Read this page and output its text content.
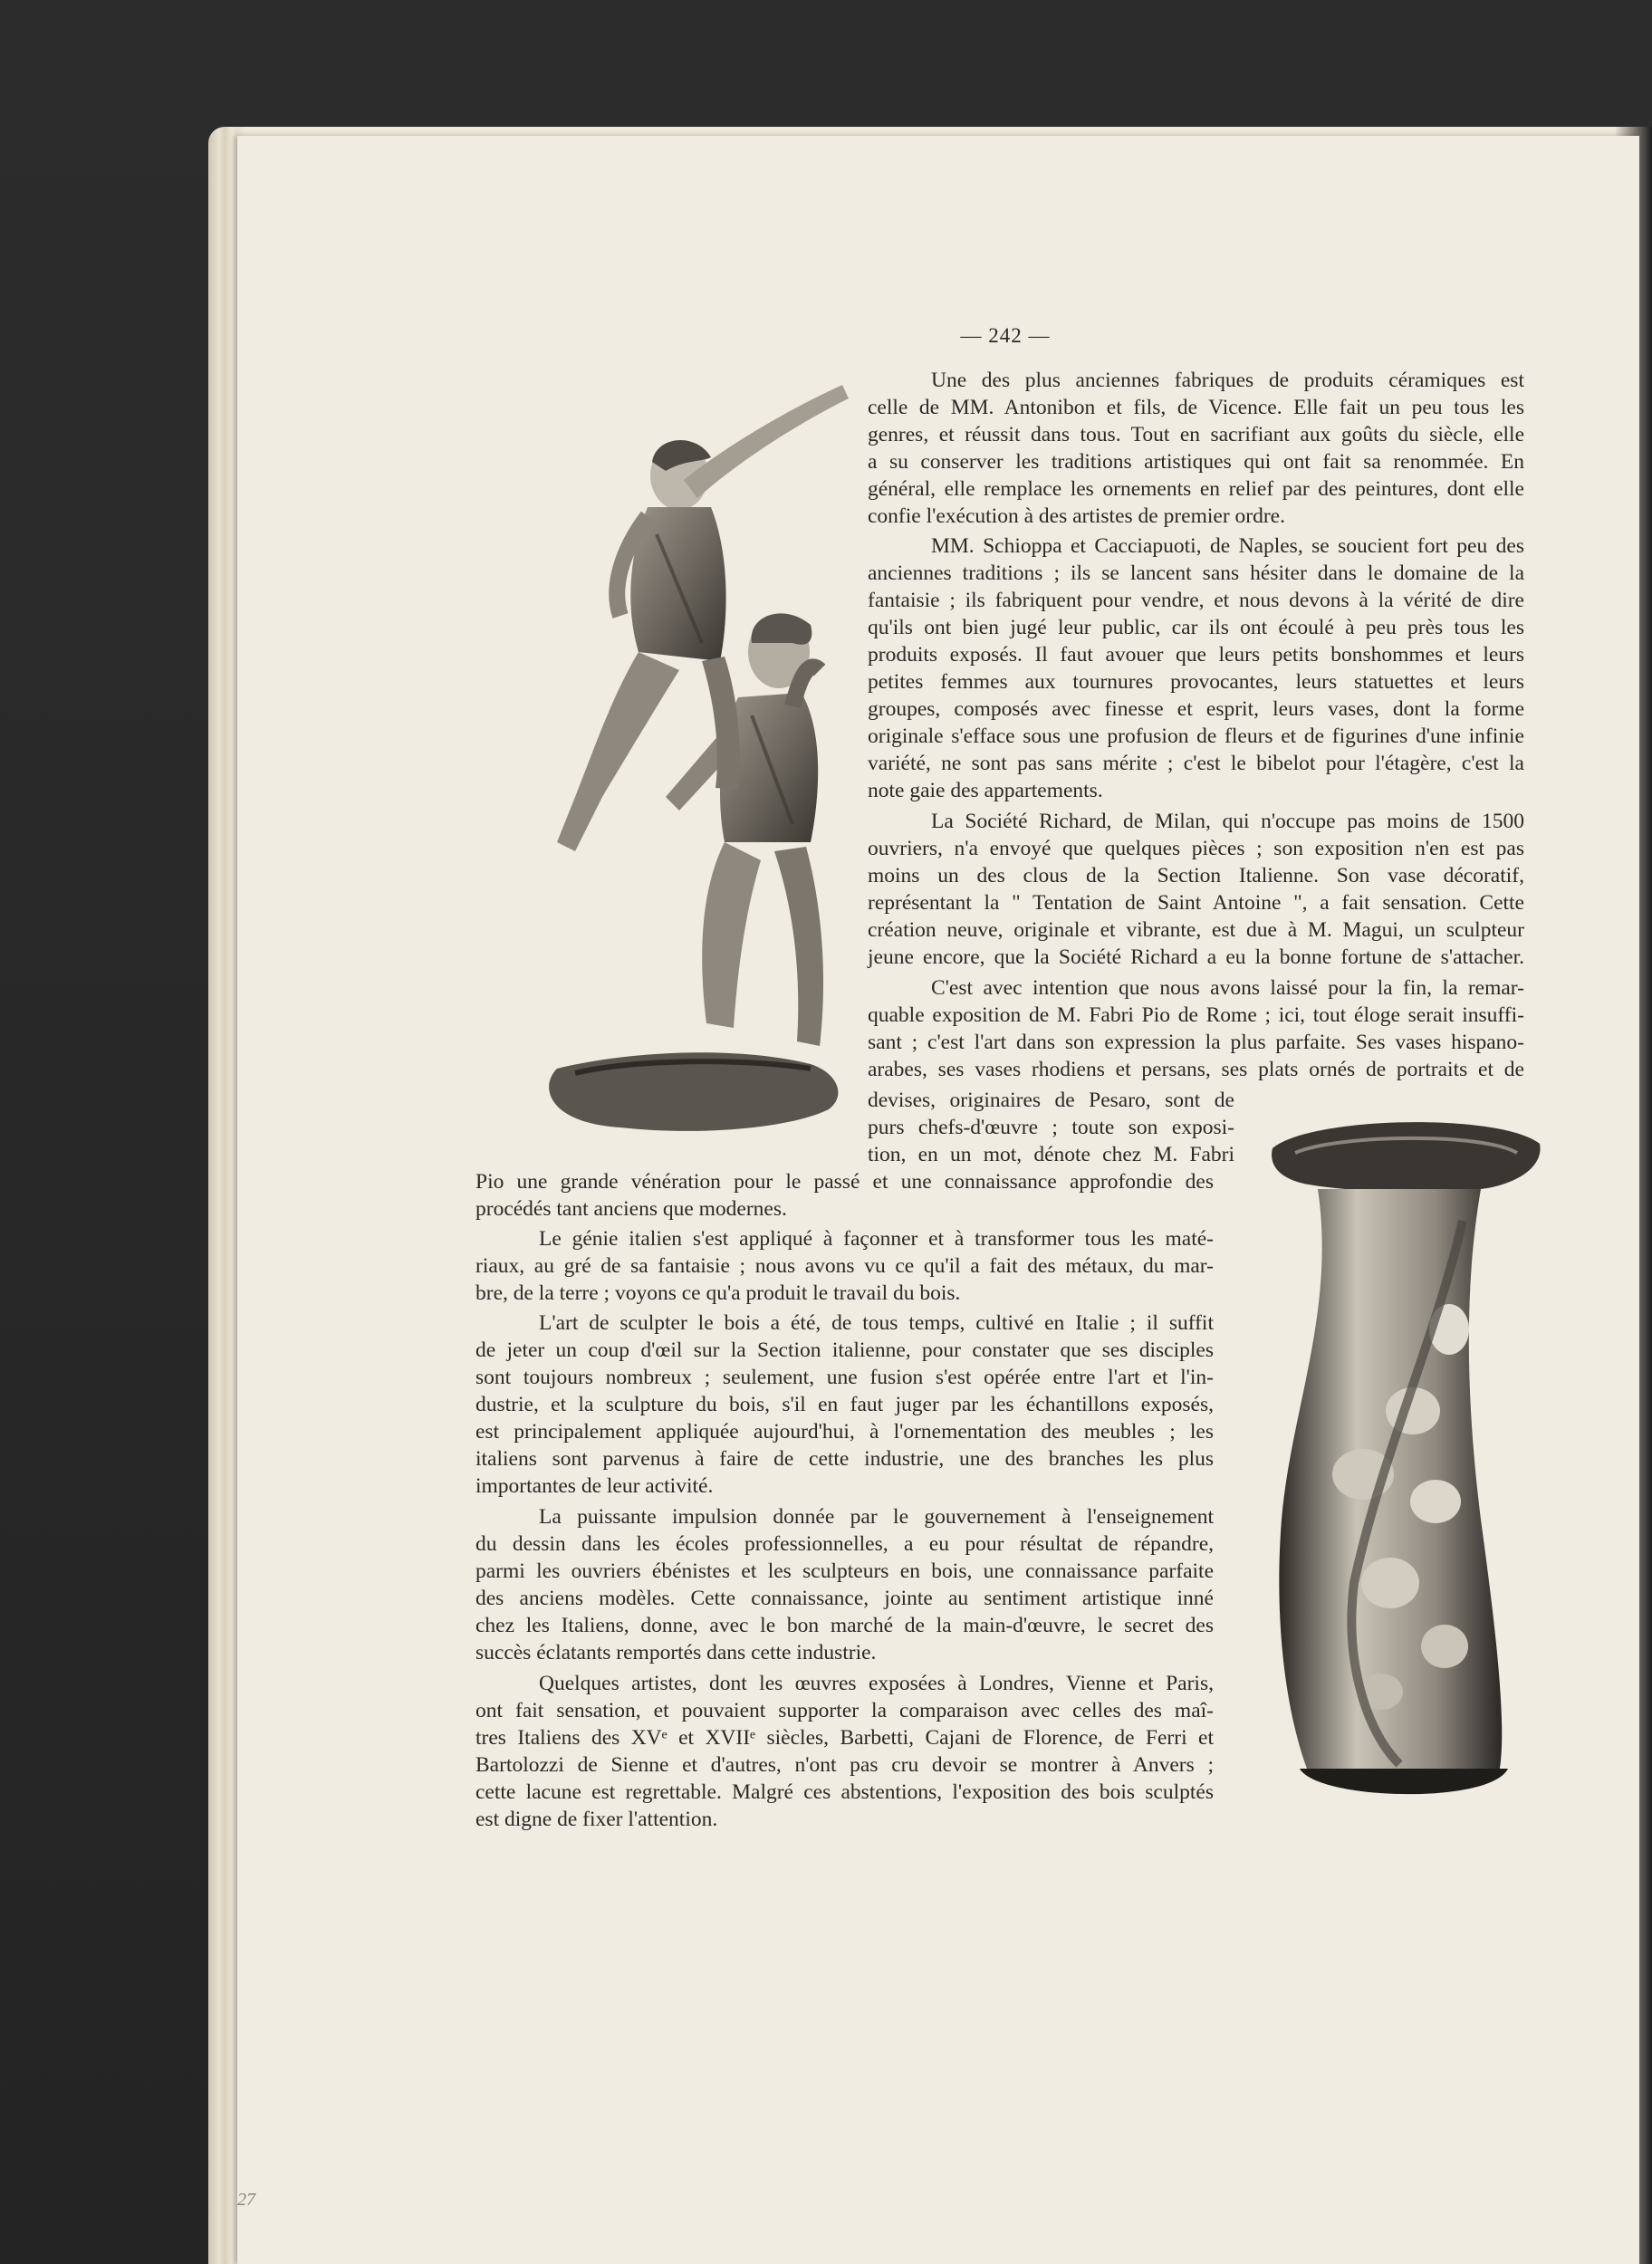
— 242 —
Une des plus anciennes fabriques de produits céramiques est
celle de MM. Antonibon et fils, de Vicence. Elle fait un peu tous les
genres, et réussit dans tous. Tout en sacrifiant aux goûts du siècle, elle
a su conserver les traditions artistiques qui ont fait sa renommée. En
général, elle remplace les ornements en relief par des peintures, dont elle
confie l'exécution à des artistes de premier ordre.
MM. Schioppa et Cacciapuoti, de Naples, se soucient fort peu des
anciennes traditions ; ils se lancent sans hésiter dans le domaine de la
fantaisie ; ils fabriquent pour vendre, et nous devons à la vérité de dire
qu'ils ont bien jugé leur public, car ils ont écoulé à peu près tous les
produits exposés. Il faut avouer que leurs petits bonshommes et leurs
petites femmes aux tournures provocantes, leurs statuettes et leurs
groupes, composés avec finesse et esprit, leurs vases, dont la forme
originale s'efface sous une profusion de fleurs et de figurines d'une infinie
variété, ne sont pas sans mérite ; c'est le bibelot pour l'étagère, c'est la
note gaie des appartements.
La Société Richard, de Milan, qui n'occupe pas moins de 1500
ouvriers, n'a envoyé que quelques pièces ; son exposition n'en est pas
moins un des clous de la Section Italienne. Son vase décoratif,
représentant la " Tentation de Saint Antoine ", a fait sensation. Cette
création neuve, originale et vibrante, est due à M. Magui, un sculpteur
jeune encore, que la Société Richard a eu la bonne fortune de s'attacher.
C'est avec intention que nous avons laissé pour la fin, la remar-
quable exposition de M. Fabri Pio de Rome ; ici, tout éloge serait insuffi-
sant ; c'est l'art dans son expression la plus parfaite. Ses vases hispano-
arabes, ses vases rhodiens et persans, ses plats ornés de portraits et de
devises, originaires de Pesaro, sont de
purs chefs-d'œuvre ; toute son exposi-
tion, en un mot, dénote chez M. Fabri
Pio une grande vénération pour le passé et une connaissance approfondie des
procédés tant anciens que modernes.
Le génie italien s'est appliqué à façonner et à transformer tous les maté-
riaux, au gré de sa fantaisie ; nous avons vu ce qu'il a fait des métaux, du mar-
bre, de la terre ; voyons ce qu'a produit le travail du bois.
L'art de sculpter le bois a été, de tous temps, cultivé en Italie ; il suffit
de jeter un coup d'œil sur la Section italienne, pour constater que ses disciples
sont toujours nombreux ; seulement, une fusion s'est opérée entre l'art et l'in-
dustrie, et la sculpture du bois, s'il en faut juger par les échantillons exposés,
est principalement appliquée aujourd'hui, à l'ornementation des meubles ; les
italiens sont parvenus à faire de cette industrie, une des branches les plus
importantes de leur activité.
La puissante impulsion donnée par le gouvernement à l'enseignement
du dessin dans les écoles professionnelles, a eu pour résultat de répandre,
parmi les ouvriers ébénistes et les sculpteurs en bois, une connaissance parfaite
des anciens modèles. Cette connaissance, jointe au sentiment artistique inné
chez les Italiens, donne, avec le bon marché de la main-d'œuvre, le secret des
succès éclatants remportés dans cette industrie.
Quelques artistes, dont les œuvres exposées à Londres, Vienne et Paris,
ont fait sensation, et pouvaient supporter la comparaison avec celles des maî-
tres Italiens des XVᵉ et XVIIᵉ siècles, Barbetti, Cajani de Florence, de Ferri et
Bartolozzi de Sienne et d'autres, n'ont pas cru devoir se montrer à Anvers ;
cette lacune est regrettable. Malgré ces abstentions, l'exposition des bois sculptés
est digne de fixer l'attention.
27
